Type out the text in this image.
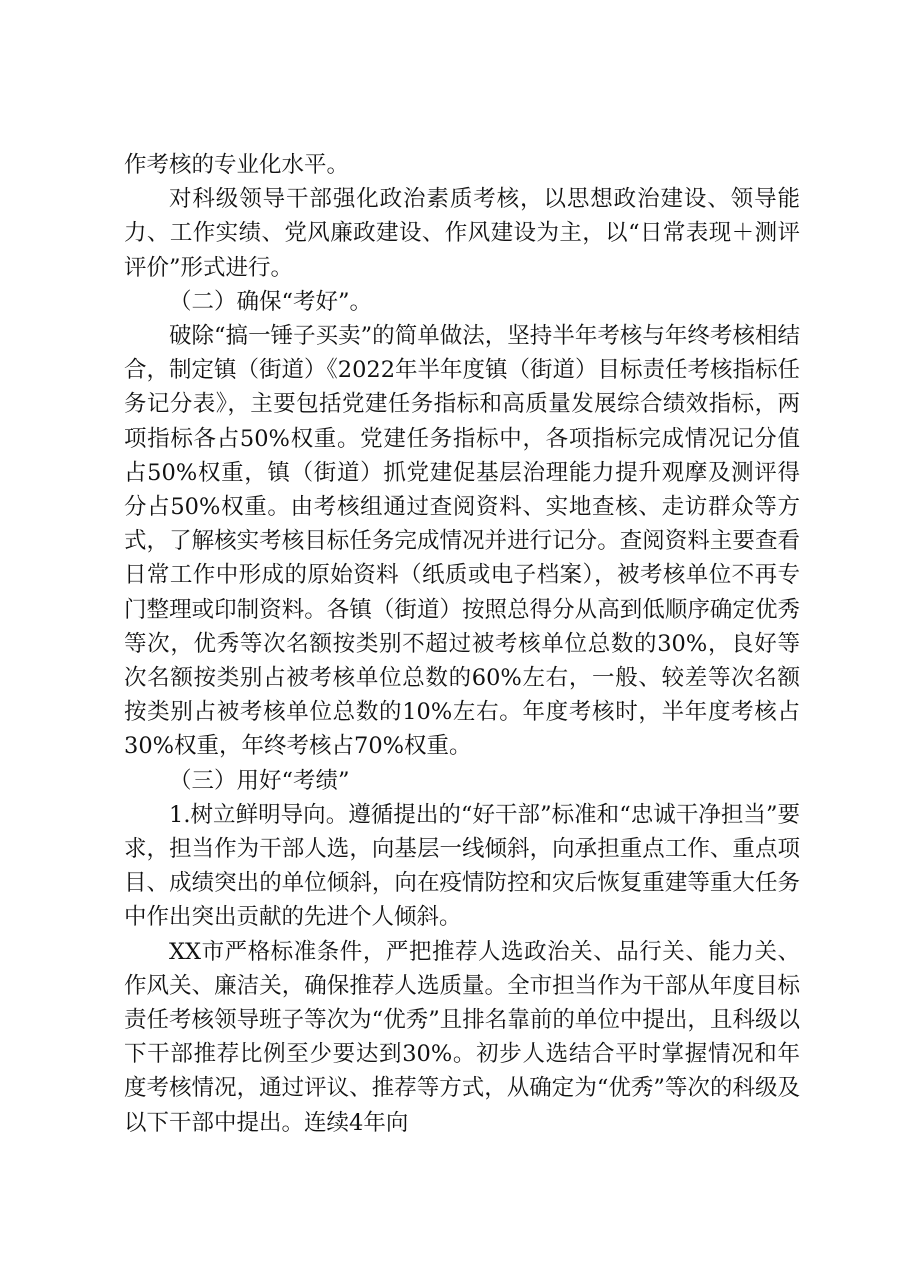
作考核的专业化水平。

对科级领导干部强化政治素质考核，以思想政治建设、领导能力、工作实绩、党风廉政建设、作风建设为主，以“日常表现＋测评评价”形式进行。

（二）确保“考好”。

破除“搞一锤子买卖”的简单做法，坚持半年考核与年终考核相结合，制定镇（街道）《2022年半年度镇（街道）目标责任考核指标任务记分表》，主要包括党建任务指标和高质量发展综合绩效指标，两项指标各占50%权重。党建任务指标中，各项指标完成情况记分值占50%权重，镇（街道）抓党建促基层治理能力提升观摩及测评得分占50%权重。由考核组通过查阅资料、实地查核、走访群众等方式，了解核实考核目标任务完成情况并进行记分。查阅资料主要查看日常工作中形成的原始资料（纸质或电子档案），被考核单位不再专门整理或印制资料。各镇（街道）按照总得分从高到低顺序确定优秀等次，优秀等次名额按类别不超过被考核单位总数的30%，良好等次名额按类别占被考核单位总数的60%左右，一般、较差等次名额按类别占被考核单位总数的10%左右。年度考核时，半年度考核占30%权重，年终考核占70%权重。

（三）用好“考绩”

1.树立鲜明导向。遵循提出的“好干部”标准和“忠诚干净担当”要求，担当作为干部人选，向基层一线倾斜，向承担重点工作、重点项目、成绩突出的单位倾斜，向在疫情防控和灾后恢复重建等重大任务中作出突出贡献的先进个人倾斜。

XX市严格标准条件，严把推荐人选政治关、品行关、能力关、作风关、廉洁关，确保推荐人选质量。全市担当作为干部从年度目标责任考核领导班子等次为“优秀”且排名靠前的单位中提出，且科级以下干部推荐比例至少要达到30%。初步人选结合平时掌握情况和年度考核情况，通过评议、推荐等方式，从确定为“优秀”等次的科级及以下干部中提出。连续4年向
